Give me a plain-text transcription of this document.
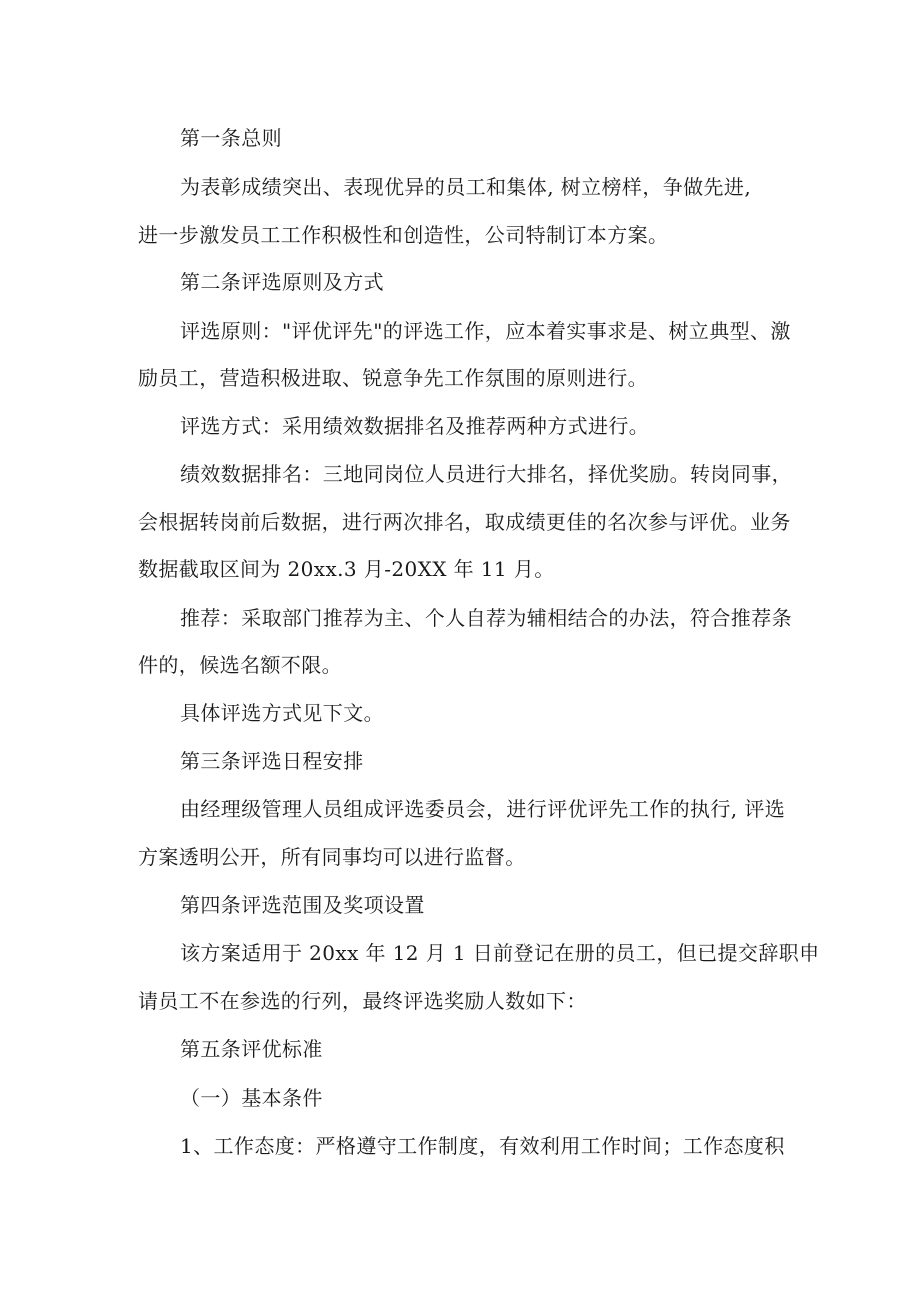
第一条总则
为表彰成绩突出、表现优异的员工和集体, 树立榜样，争做先进,
进一步激发员工工作积极性和创造性，公司特制订本方案。
第二条评选原则及方式
评选原则："评优评先"的评选工作，应本着实事求是、树立典型、激
励员工，营造积极进取、锐意争先工作氛围的原则进行。
评选方式：采用绩效数据排名及推荐两种方式进行。
绩效数据排名：三地同岗位人员进行大排名，择优奖励。转岗同事，
会根据转岗前后数据，进行两次排名，取成绩更佳的名次参与评优。业务
数据截取区间为 20xx.3 月-20XX 年 11 月。
推荐：采取部门推荐为主、个人自荐为辅相结合的办法，符合推荐条
件的，候选名额不限。
具体评选方式见下文。
第三条评选日程安排
由经理级管理人员组成评选委员会，进行评优评先工作的执行, 评选
方案透明公开，所有同事均可以进行监督。
第四条评选范围及奖项设置
该方案适用于 20xx 年 12 月 1 日前登记在册的员工，但已提交辞职申
请员工不在参选的行列，最终评选奖励人数如下：
第五条评优标准
（一）基本条件
1、工作态度：严格遵守工作制度，有效利用工作时间；工作态度积
